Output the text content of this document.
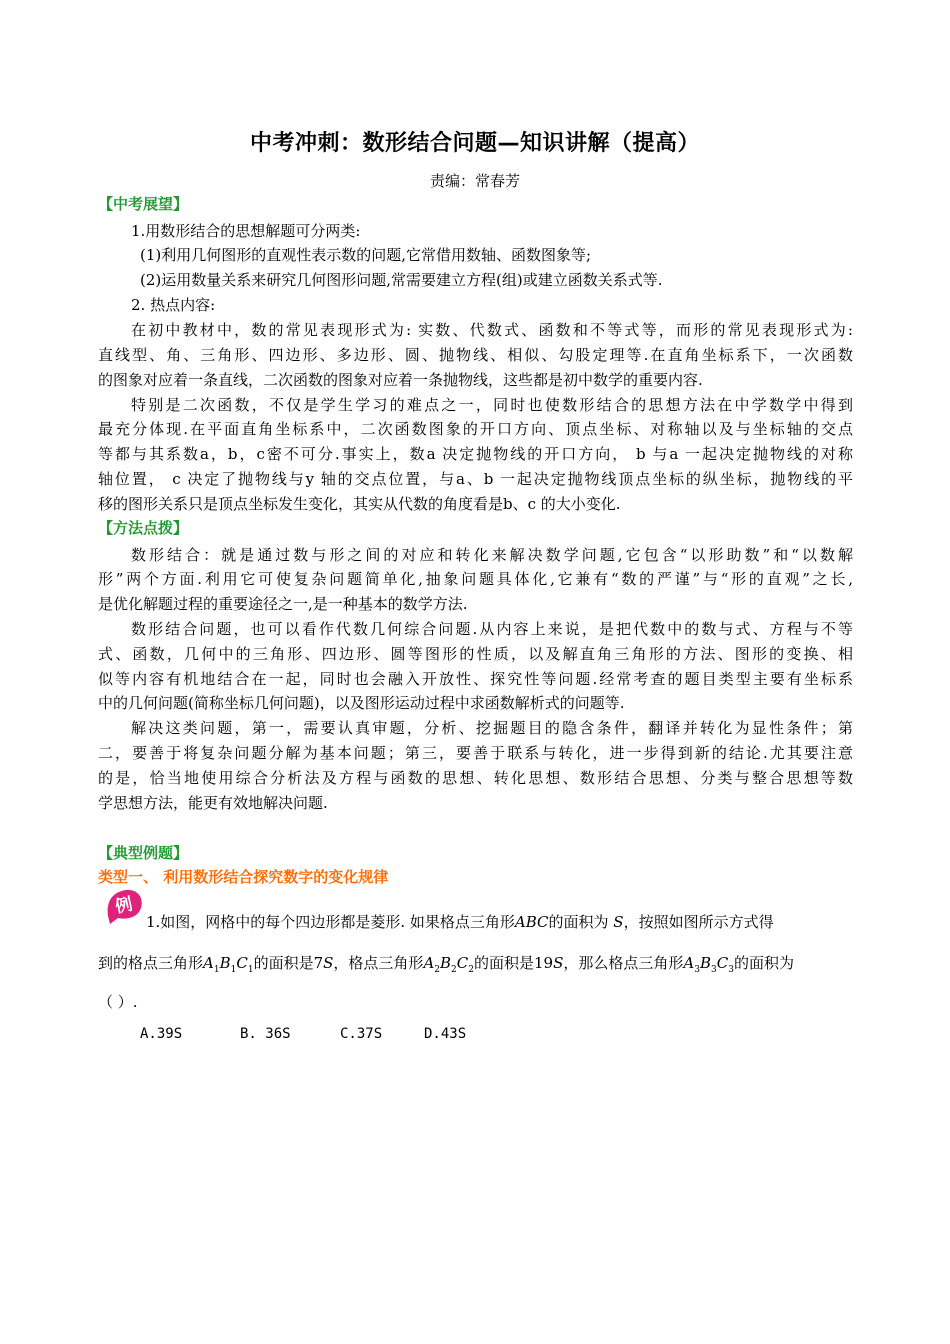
中考冲刺：数形结合问题—知识讲解（提高）
责编：常春芳
【中考展望】
1.用数形结合的思想解题可分两类:
(1)利用几何图形的直观性表示数的问题,它常借用数轴、函数图象等;
(2)运用数量关系来研究几何图形问题,常需要建立方程(组)或建立函数关系式等.
2. 热点内容:
在初中教材中，数的常见表现形式为: 实数、代数式、函数和不等式等，而形的常见表现形式为:
直线型、角、三角形、四边形、多边形、圆、抛物线、相似、勾股定理等.在直角坐标系下，一次函数
的图象对应着一条直线，二次函数的图象对应着一条抛物线，这些都是初中数学的重要内容.
特别是二次函数，不仅是学生学习的难点之一，同时也使数形结合的思想方法在中学数学中得到
最充分体现.在平面直角坐标系中，二次函数图象的开口方向、顶点坐标、对称轴以及与坐标轴的交点
等都与其系数a，b，c密不可分.事实上，数a 决定抛物线的开口方向， b 与a 一起决定抛物线的对称
轴位置， c 决定了抛物线与y 轴的交点位置，与a、b 一起决定抛物线顶点坐标的纵坐标，抛物线的平
移的图形关系只是顶点坐标发生变化，其实从代数的角度看是b、c 的大小变化.
【方法点拨】
数形结合：就是通过数与形之间的对应和转化来解决数学问题,它包含“以形助数”和“以数解
形”两个方面.利用它可使复杂问题简单化,抽象问题具体化,它兼有“数的严谨”与“形的直观”之长,
是优化解题过程的重要途径之一,是一种基本的数学方法.
数形结合问题，也可以看作代数几何综合问题.从内容上来说，是把代数中的数与式、方程与不等
式、函数，几何中的三角形、四边形、圆等图形的性质，以及解直角三角形的方法、图形的变换、相
似等内容有机地结合在一起，同时也会融入开放性、探究性等问题.经常考查的题目类型主要有坐标系
中的几何问题(简称坐标几何问题)，以及图形运动过程中求函数解析式的问题等.
解决这类问题，第一，需要认真审题，分析、挖掘题目的隐含条件，翻译并转化为显性条件；第
二，要善于将复杂问题分解为基本问题；第三，要善于联系与转化，进一步得到新的结论.尤其要注意
的是，恰当地使用综合分析法及方程与函数的思想、转化思想、数形结合思想、分类与整合思想等数
学思想方法，能更有效地解决问题.
【典型例题】
类型一、 利用数形结合探究数字的变化规律
例
1.如图，网格中的每个四边形都是菱形. 如果格点三角形ABC的面积为 S，按照如图所示方式得
到的格点三角形$A_1B_1C_1$的面积是7S，格点三角形$A_2B_2C_2$的面积是19S，那么格点三角形$A_3B_3C_3$的面积为
（ ）.
A.39S	B. 36S	C.37S	D.43S
